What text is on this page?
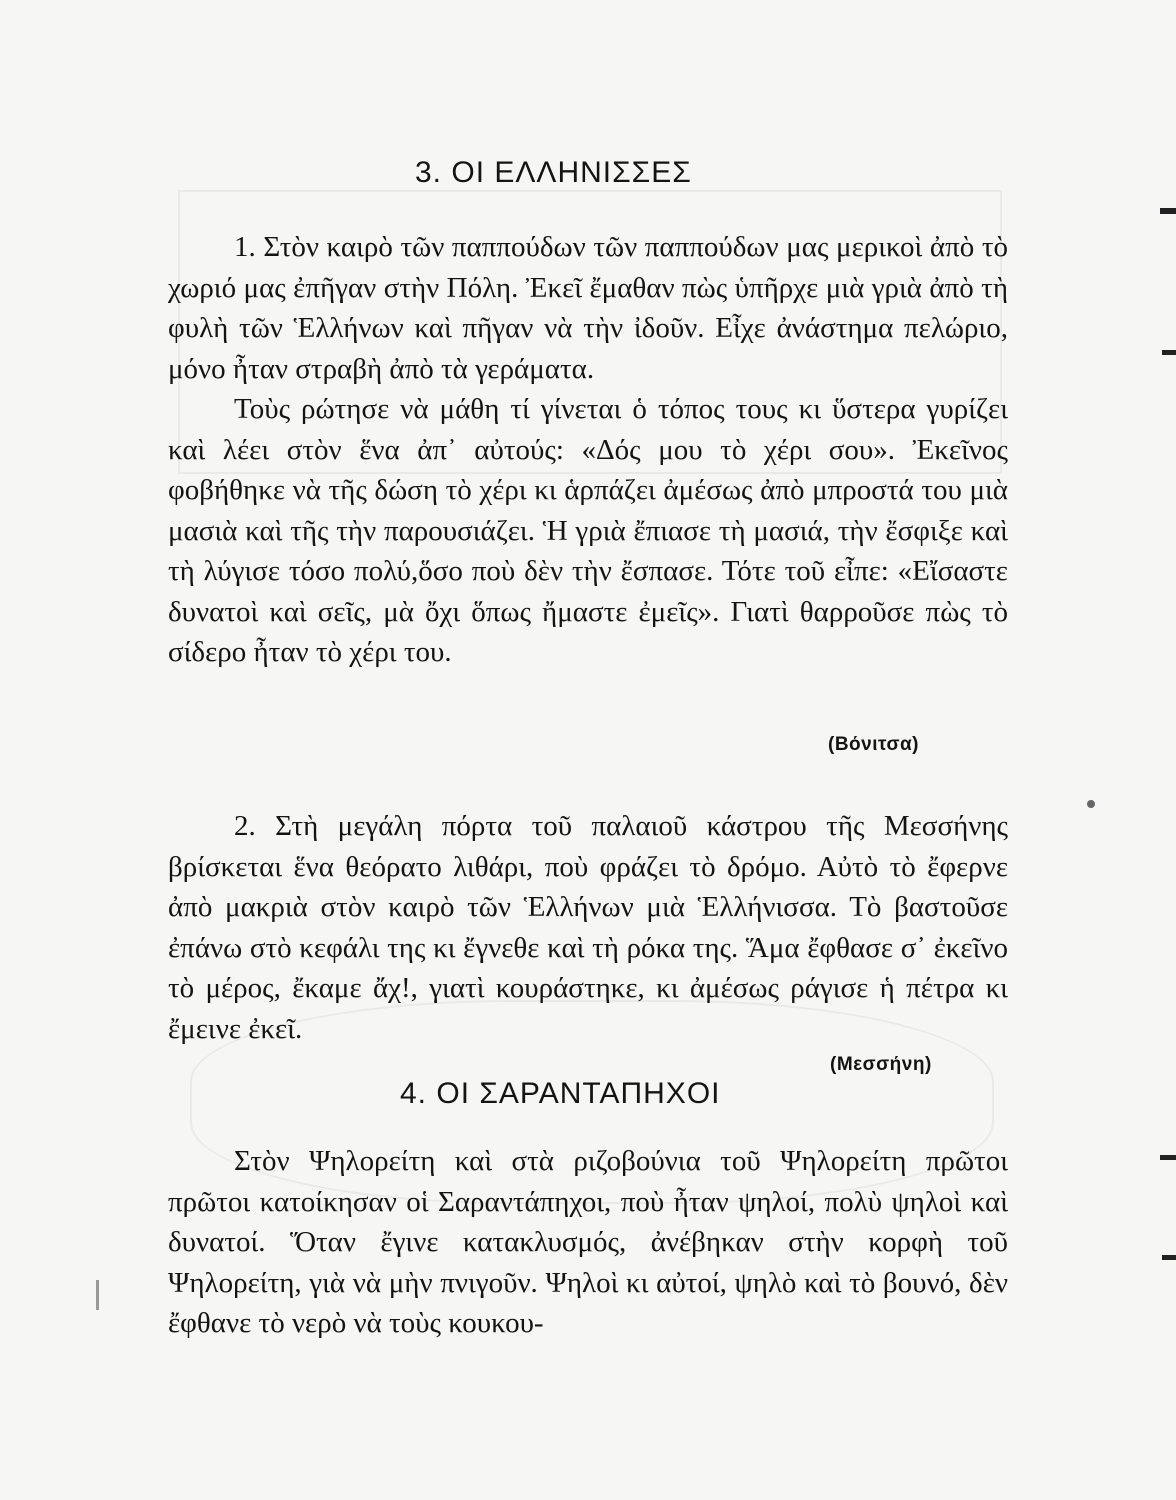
3. ΟΙ ΕΛΛΗΝΙΣΣΕΣ

1. Στὸν καιρὸ τῶν παππούδων τῶν παππούδων μας μερικοὶ ἀπὸ τὸ χωριό μας ἐπῆγαν στὴν Πόλη. Ἐκεῖ ἔμαθαν πὼς ὑπῆρχε μιὰ γριὰ ἀπὸ τὴ φυλὴ τῶν Ἑλλήνων καὶ πῆγαν νὰ τὴν ἰδοῦν. Εἶχε ἀνάστημα πελώριο, μόνο ἦταν στραβὴ ἀπὸ τὰ γεράματα.

Τοὺς ρώτησε νὰ μάθη τί γίνεται ὁ τόπος τους κι ὕστερα γυρίζει καὶ λέει στὸν ἕνα ἀπ᾽ αὐτούς: «Δός μου τὸ χέρι σου». Ἐκεῖνος φοβήθηκε νὰ τῆς δώση τὸ χέρι κι ἁρπάζει ἀμέσως ἀπὸ μπροστά του μιὰ μασιὰ καὶ τῆς τὴν παρουσιάζει. Ἡ γριὰ ἔπιασε τὴ μασιά, τὴν ἔσφιξε καὶ τὴ λύγισε τόσο πολύ,ὅσο ποὺ δὲν τὴν ἔσπασε. Τότε τοῦ εἶπε: «Εἴσαστε δυνατοὶ καὶ σεῖς, μὰ ὄχι ὅπως ἤμαστε ἐμεῖς». Γιατὶ θαρροῦσε πὼς τὸ σίδερο ἦταν τὸ χέρι του.

(Βόνιτσα)

2. Στὴ μεγάλη πόρτα τοῦ παλαιοῦ κάστρου τῆς Μεσσήνης βρίσκεται ἕνα θεόρατο λιθάρι, ποὺ φράζει τὸ δρόμο. Αὐτὸ τὸ ἔφερνε ἀπὸ μακριὰ στὸν καιρὸ τῶν Ἑλλήνων μιὰ Ἑλλήνισσα. Τὸ βαστοῦσε ἐπάνω στὸ κεφάλι της κι ἔγνεθε καὶ τὴ ρόκα της. Ἅμα ἔφθασε σ᾽ ἐκεῖνο τὸ μέρος, ἔκαμε ἄχ!, γιατὶ κουράστηκε, κι ἀμέσως ράγισε ἡ πέτρα κι ἔμεινε ἐκεῖ.

(Μεσσήνη)
4. ΟΙ ΣΑΡΑΝΤΑΠΗΧΟΙ

Στὸν Ψηλορείτη καὶ στὰ ριζοβούνια τοῦ Ψηλορείτη πρῶτοι πρῶτοι κατοίκησαν οἱ Σαραντάπηχοι, ποὺ ἦταν ψηλοί, πολὺ ψηλοὶ καὶ δυνατοί. Ὅταν ἔγινε κατακλυσμός, ἀνέβηκαν στὴν κορφὴ τοῦ Ψηλορείτη, γιὰ νὰ μὴν πνιγοῦν. Ψηλοὶ κι αὐτοί, ψηλὸ καὶ τὸ βουνό, δὲν ἔφθανε τὸ νερὸ νὰ τοὺς κουκου-
